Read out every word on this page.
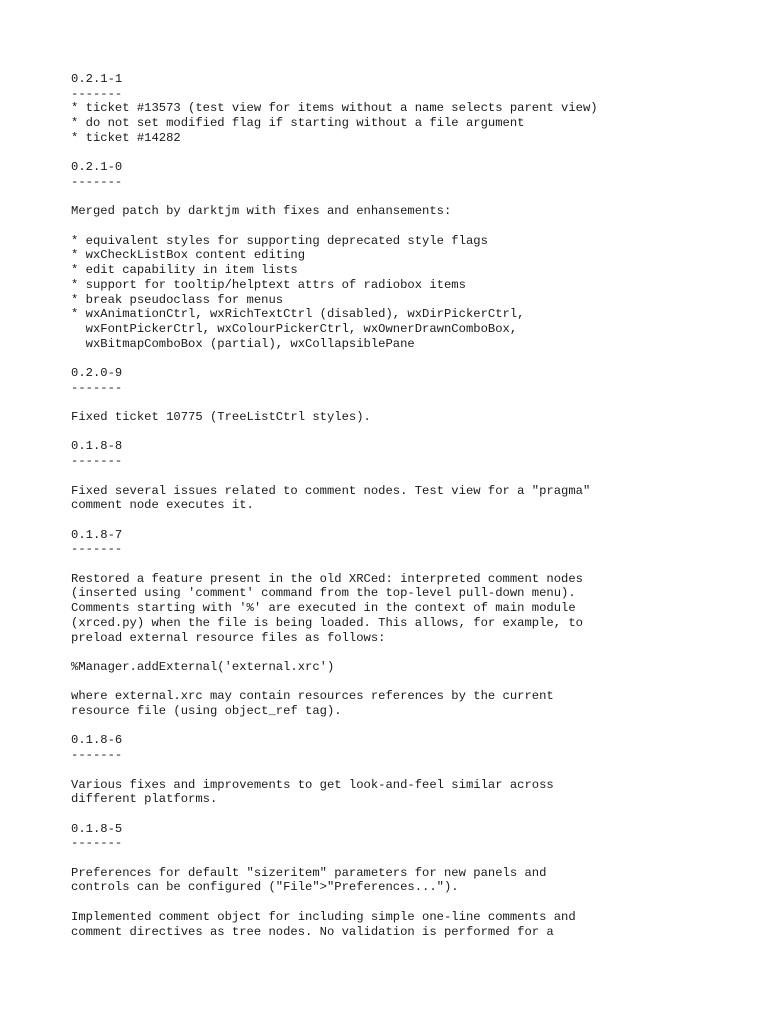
0.2.1-1
-------
* ticket #13573 (test view for items without a name selects parent view)
* do not set modified flag if starting without a file argument
* ticket #14282
0.2.1-0
-------
Merged patch by darktjm with fixes and enhansements:
* equivalent styles for supporting deprecated style flags
* wxCheckListBox content editing
* edit capability in item lists
* support for tooltip/helptext attrs of radiobox items
* break pseudoclass for menus
* wxAnimationCtrl, wxRichTextCtrl (disabled), wxDirPickerCtrl,
wxFontPickerCtrl, wxColourPickerCtrl, wxOwnerDrawnComboBox,
wxBitmapComboBox (partial), wxCollapsiblePane
0.2.0-9
-------
Fixed ticket 10775 (TreeListCtrl styles).
0.1.8-8
-------
Fixed several issues related to comment nodes. Test view for a "pragma"
comment node executes it.
0.1.8-7
-------
Restored a feature present in the old XRCed: interpreted comment nodes
(inserted using 'comment' command from the top-level pull-down menu).
Comments starting with '%' are executed in the context of main module
(xrced.py) when the file is being loaded. This allows, for example, to
preload external resource files as follows:
%Manager.addExternal('external.xrc')
where external.xrc may contain resources references by the current
resource file (using object_ref tag).
0.1.8-6
-------
Various fixes and improvements to get look-and-feel similar across
different platforms.
0.1.8-5
-------
Preferences for default "sizeritem" parameters for new panels and
controls can be configured ("File">"Preferences...").
Implemented comment object for including simple one-line comments and
comment directives as tree nodes. No validation is performed for a
